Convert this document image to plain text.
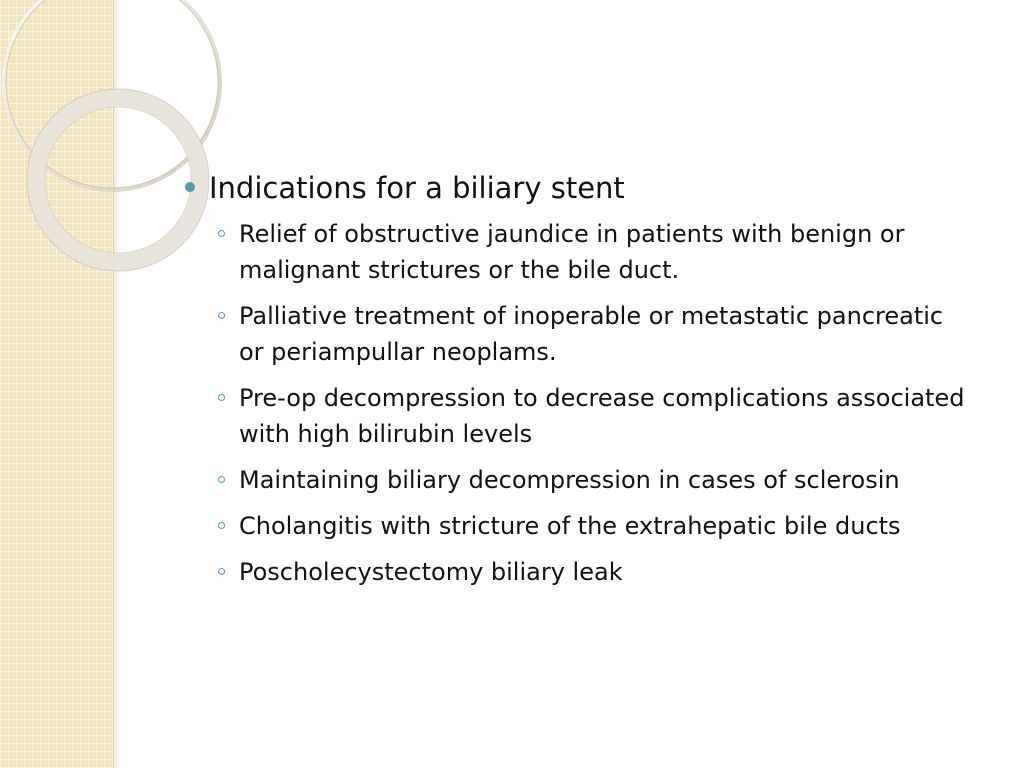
Indications for a biliary stent
Relief of obstructive jaundice in patients with benign or malignant strictures or the bile duct.
Palliative treatment of inoperable or metastatic pancreatic or periampullar neoplams.
Pre-op decompression to decrease complications associated with high bilirubin levels
Maintaining biliary decompression in cases of sclerosin
Cholangitis with stricture of the extrahepatic bile ducts
Poscholecystectomy biliary leak
